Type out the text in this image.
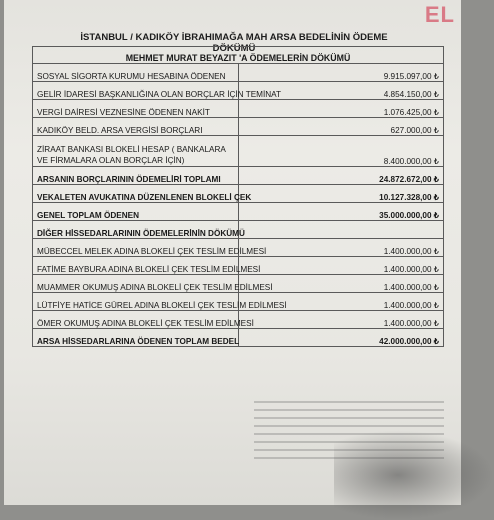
EL
İSTANBUL / KADIKÖY İBRAHIMAĞA MAH ARSA BEDELİNİN ÖDEME DÖKÜMÜ
MEHMET MURAT BEYAZIT 'A ÖDEMELERİN DÖKÜMÜ	
SOSYAL SİGORTA KURUMU HESABINA ÖDENEN	9.915.097,00 ₺
GELİR İDARESİ BAŞKANLIĞINA OLAN BORÇLAR İÇİN TEMİNAT	4.854.150,00 ₺
VERGİ DAİRESİ VEZNESİNE ÖDENEN NAKİT	1.076.425,00 ₺
KADIKÖY BELD. ARSA VERGİSİ BORÇLARI	627.000,00 ₺
ZİRAAT BANKASI BLOKELİ HESAP ( BANKALARA VE FİRMALARA OLAN BORÇLAR İÇİN)	8.400.000,00 ₺
ARSANIN BORÇLARININ ÖDEMELİRİ TOPLAMI	24.872.672,00 ₺
VEKALETEN AVUKATINA DÜZENLENEN BLOKELİ ÇEK	10.127.328,00 ₺
GENEL TOPLAM ÖDENEN	35.000.000,00 ₺
DİĞER HİSSEDARLARININ ÖDEMELERİNİN DÖKÜMÜ	
MÜBECCEL MELEK ADINA BLOKELİ ÇEK TESLİM EDİLMESİ	1.400.000,00 ₺
FATİME BAYBURA ADINA BLOKELİ ÇEK TESLİM EDİLMESİ	1.400.000,00 ₺
MUAMMER OKUMUŞ ADINA BLOKELİ ÇEK TESLİM EDİLMESİ	1.400.000,00 ₺
LÜTFİYE HATİCE GÜREL ADINA BLOKELİ ÇEK TESLİM EDİLMESİ	1.400.000,00 ₺
ÖMER OKUMUŞ ADINA BLOKELİ ÇEK TESLİM EDİLMESİ	1.400.000,00 ₺
ARSA HİSSEDARLARINA ÖDENEN TOPLAM BEDEL	42.000.000,00 ₺
